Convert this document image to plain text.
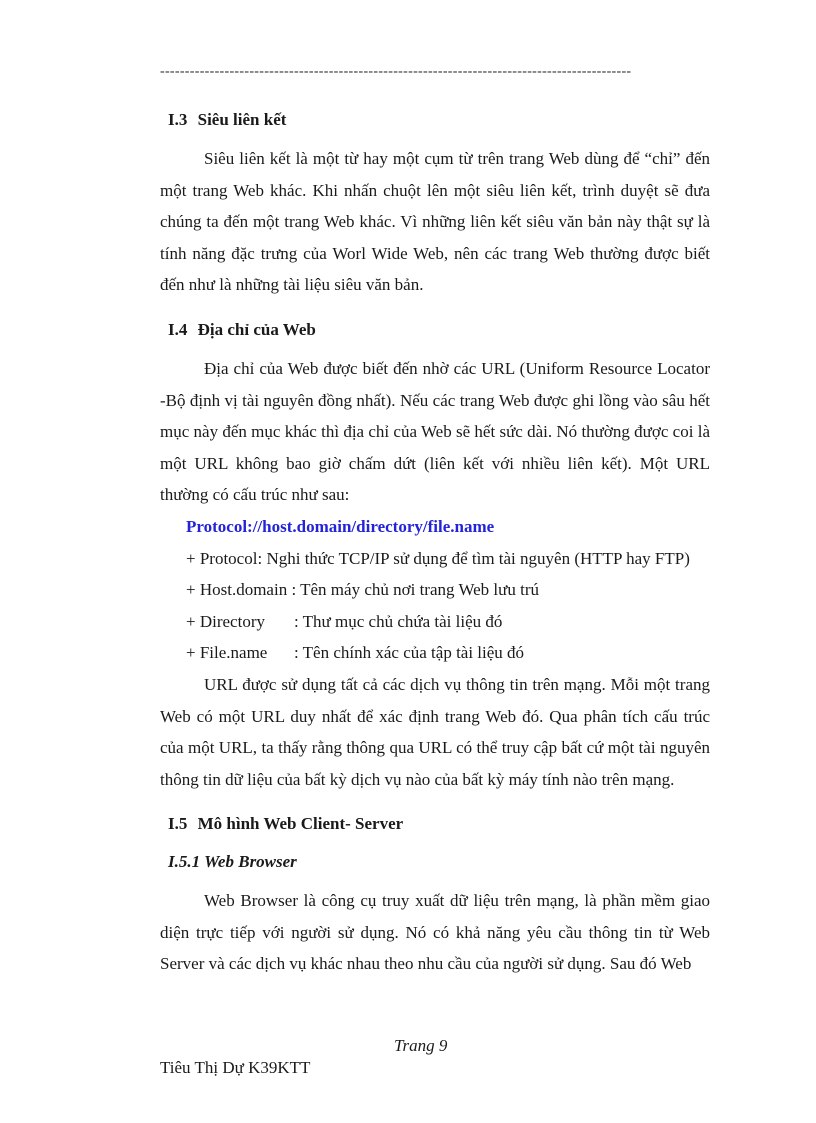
-----------------------------------------------------------------------------------------------
I.3 Siêu liên kết

Siêu liên kết là một từ hay một cụm từ trên trang Web dùng để “chỉ” đến một trang Web khác. Khi nhấn chuột lên một siêu liên kết, trình duyệt sẽ đưa chúng ta đến một trang Web khác. Vì những liên kết siêu văn bản này thật sự là tính năng đặc trưng của Worl Wide Web, nên các trang Web thường được biết đến như là những tài liệu siêu văn bản.

I.4 Địa chỉ của Web

Địa chỉ của Web được biết đến nhờ các URL (Uniform Resource Locator -Bộ định vị tài nguyên đồng nhất). Nếu các trang Web được ghi lồng vào sâu hết mục này đến mục khác thì địa chỉ của Web sẽ hết sức dài. Nó thường được coi là một URL không bao giờ chấm dứt (liên kết với nhiều liên kết). Một URL thường có cấu trúc như sau:

Protocol://host.domain/directory/file.name

+ Protocol: Nghi thức TCP/IP sử dụng để tìm tài nguyên (HTTP hay FTP)

+ Host.domain : Tên máy chủ nơi trang Web lưu trú

+ Directory : Thư mục chủ chứa tài liệu đó

+ File.name : Tên chính xác của tập tài liệu đó

URL được sử dụng tất cả các dịch vụ thông tin trên mạng. Mỗi một trang Web có một URL duy nhất để xác định trang Web đó. Qua phân tích cấu trúc của một URL, ta thấy rằng thông qua URL có thể truy cập bất cứ một tài nguyên thông tin dữ liệu của bất kỳ dịch vụ nào của bất kỳ máy tính nào trên mạng.

I.5 Mô hình Web Client- Server
I.5.1 Web Browser

Web Browser là công cụ truy xuất dữ liệu trên mạng, là phần mềm giao diện trực tiếp với người sử dụng. Nó có khả năng yêu cầu thông tin từ Web Server và các dịch vụ khác nhau theo nhu cầu của người sử dụng. Sau đó Web

Trang 9
Tiêu Thị Dự K39KTT
